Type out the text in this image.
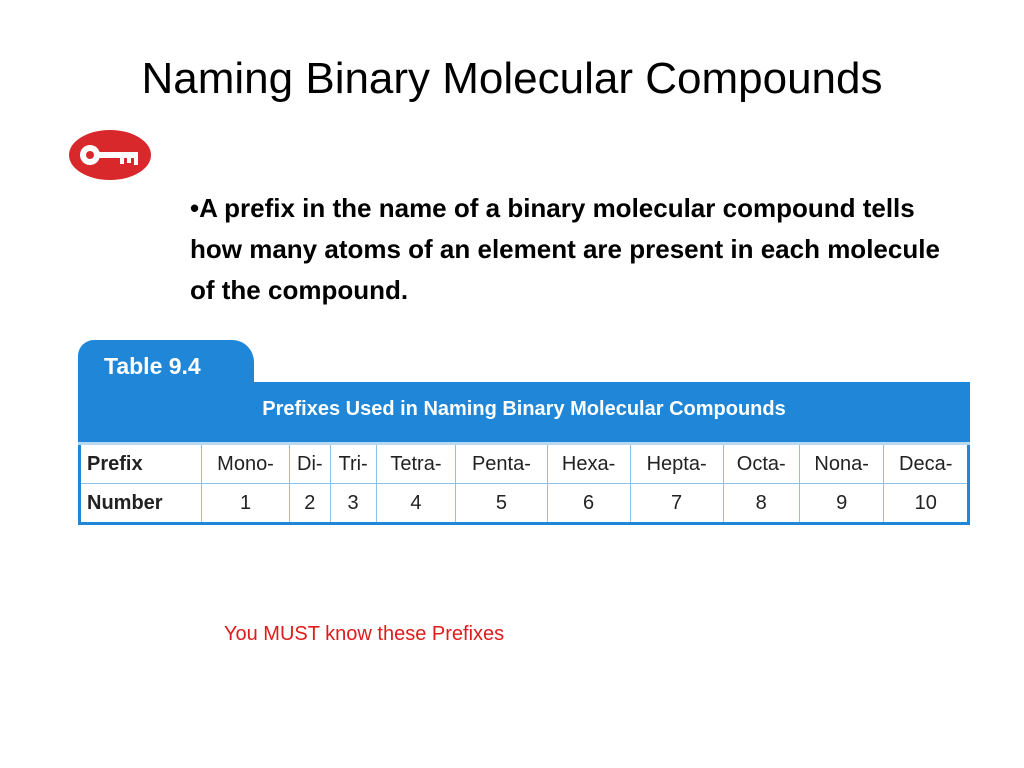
Naming Binary Molecular Compounds
•A prefix in the name of a binary molecular compound tells how many atoms of an element are present in each molecule of the compound.
Table 9.4
Prefixes Used in Naming Binary Molecular Compounds
Prefix	Mono-	Di-	Tri-	Tetra-	Penta-	Hexa-	Hepta-	Octa-	Nona-	Deca-
Number	1	2	3	4	5	6	7	8	9	10
You MUST know these Prefixes
